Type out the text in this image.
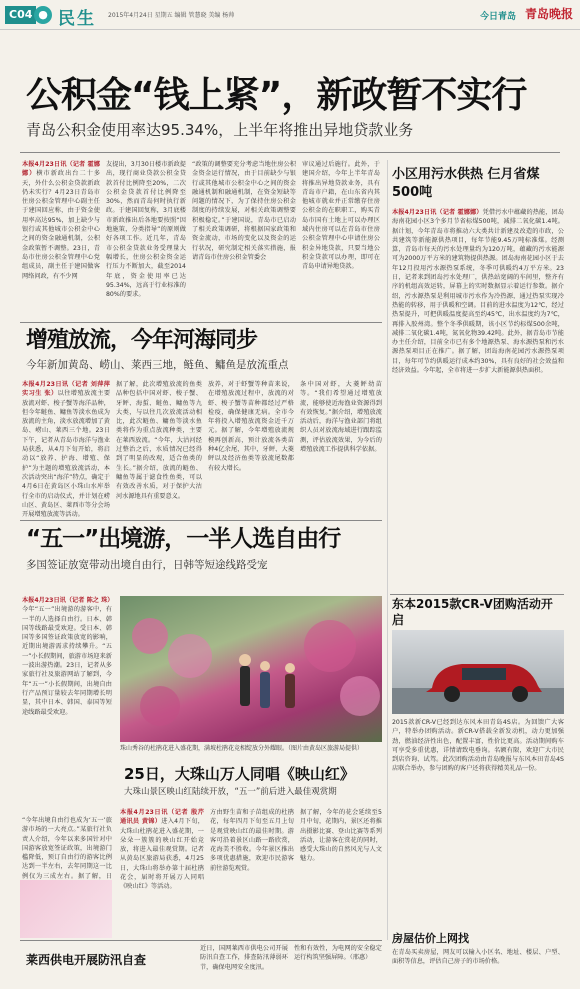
C04 ● 民生 2015年4月24日 星期五 编辑 管慧晓 美编 杨帅	今日青岛 青岛晚报
公积金“钱上紧”，新政暂不实行
青岛公积金使用率达95.34%，上半年将推出异地贷款业务
本报4月23日讯（记者 霍娜娜）横市新政出台二十多天，外什么公积金贷款新政仍未实行？4月23日青岛市住房公积金管理中心副主任于建国回应称，由于资金使用率高达95%，加上缺少与银行或其他城市公积金中心之间的资金融通机制，公积金政策暂不调整。23日，青岛市住房公积金管理中心党组成员，副主任于建国做客网络问政，有不少网
友提出，3月30日楼市新政提出，现行商业贷款公积金贷款首付比例降至20%，二次公积金贷款首付比例降至30%，然而青岛何时执行新政。于建国回复称，3月底楼市新政推出后各地要按照“因地施策，分类指导”的原则做好各项工作。近几年，青岛市公积金贷款业务受理量大幅增长，住房公积金资金运行压力不断加大，截至2014年底，资金使用率已达95.34%，远高于行业标准的80%的要求。
“政策的调整要充分考虑当地住房公积金资金运行情况，由于目前缺少与银行或其他城市公积金中心之间的资金融通机制和融通机制，在资金短缺等问题的情况下，为了保持住房公积金制度的持续发展，对相关政策调整要积极稳定。”于建国说，青岛市已启动了相关政策调研，将根据国家政策和资金流动，市场的变化以及资金的运行状况，研究制定相关落实措施，报请青岛市住房公积金管委会
审议通过后施行。此外，于建国介绍，今年上半年青岛将推出异地贷款业务，具有青岛市户籍，在山东省内其他城市就业并正常缴存住房公积金的在职职工，购买青岛市国有土地上可以办理区域内住房可以在青岛市住房公积金管理中心申请住房公积金异地贷款，只要当地公积金贷款可以办理，即可在青岛申请异地贷款。
小区用污水供热 仨月省煤500吨
本报4月23日讯（记者 霍娜娜）凭借污水中蕴藏的热能，团岛海南花园小区3个多月节省标煤500吨，减排二氧化碳1.4吨。据计划，今年青岛市将推动六大类共计新建及改造的市政，公共建筑等新能源供热项目，每年节能9.45万吨标准煤。经测算，青岛市每天的污水处理量约为120万吨，蕴藏的污水能源可为2000万平方米的建筑物提供热源。团岛海南花园小区于去年12月投用污水源热泵系统，冬季可供暖约4万平方米。23日，记者来到团岛污水处理厂，供热站宽阔的车间里，整齐有序的机组高效运转，屏幕上的实时数据显示着运行参数。据介绍，污水源热泵是利用城市污水作为冷热源，通过热泵实现冷热能的转移，用于供暖和空调。目前的进水温度为12℃，经过热泵提升，可把供暖温度提高至约45℃，出水温度约为7℃，再排入胶州湾。整个冬季供暖期，该小区节约标煤500余吨，减排二氧化碳1.4吨，氮氧化物39.42吨。此外，据青岛市节能办主任介绍，目前全市已有多个地源热泵、海水源热泵和污水源热泵项目正在推广。据了解，团岛海南花园污水源热泵项目，每年可节约供暖运行成本约30%，具有良好的社会效益和经济效益。今年起，全市将进一步扩大新能源供热面积。
增殖放流，今年河海同步
今年新加黄岛、崂山、莱西三地，鲢鱼、鳙鱼是放流重点
本报4月23日讯（记者 刘萍萍 实习生 张）以往增殖放流主要放流对虾、梭子蟹等海洋品种，但今年鲢鱼、鳙鱼等淡水鱼成为放流的主角，淡水放流增加了黄岛、崂山、莱西三个地。23日下午，记者从青岛市海洋与渔业局获悉，从4月下旬开始，将启动以“放养、护海、增殖、保护”为主题的增殖放流活动，本次活动突出“海洋”特点，确定于4月6日在黄岛区小珠山水库举行全市的启动仪式，并计划在崂山区、黄岛区、莱西市等分会场开展增殖放流等活动。
据了解，此次增殖放流的鱼类品种包括中国对虾、梭子蟹、牙鲆、海蜇、鲢鱼、鳙鱼等九大类，与以往几次放流活动相比，此次鲢鱼、鳙鱼等淡水鱼类将作为重点放流种类，主要在莱西放流。“今年，大沽河经过整治之后，水质情况已经得到了明显的改观，适合鱼类的生长。”据介绍，放流的鲢鱼、鳙鱼等属于滤食性鱼类，可以有效改善水质，对于保护大沽河水源地具有重要意义。
放养，对于虾蟹等种苗来说，在增殖放流过程中，放流的对虾、梭子蟹等苗种都经过严格检疫，确保健康无病。全市今年将投入增殖放流资金近千万元。据了解，今年增殖放流规模再创新高，预计放流各类苗种4亿余尾，其中，牙鲆、大菱鲆以及经济鱼类等放流尾数都有较大增长。
条中国对虾，大菱鲆幼苗等。“我们希望通过增殖放流，能够使近海渔业资源得到有效恢复。”据介绍，增殖放流活动后，海洋与渔业部门将组织人员对放流海域进行跟踪监测，评估放流效果，为今后的增殖放流工作提供科学依据。
“五一”出境游，一半人选自由行
多国签证放宽带动出境自由行，日韩等短途线路受宠
本报4月23日讯（记者 陈之 珠）今年“五一”出境游的游客中，有一半的人选择自由行。日本、韩国等线路最受欢迎。受日本、韩国等多国签证政策放宽的影响，近期出境游需求持续攀升。“五一”小长假期间，旅游市场迎来新一波出游热潮。23日，记者从多家旅行社及旅游网站了解到，今年“五一”小长假期间，出境自由行产品预订量较去年同期增长明显，其中日本、韩国、泰国等短途线路最受欢迎。
“今年出境自由行也成为‘五一’旅游市场的一大亮点。”某旅行社负责人介绍，今年以来多国针对中国游客放宽签证政策，出境游门槛降低，预订自由行的游客比例达到一半左右，去年同期这一比例仅为三成左右。据了解，日
珠山秀谷的杜鹃花进入盛花期，满坡杜鹃花竞相绽放分外耀眼。（图片由黄岛区旅游局提供）
25日，大珠山万人同唱《映山红》
大珠山景区映山红陆续开放，“五一”前后进入最佳观赏期
本报4月23日讯（记者 殷芹 通讯员 黄锦）进入4月下旬，大珠山杜鹃花进入盛花期，一朵朵一簇簇的映山红开始竞放，将进入最佳观赏期。记者从黄岛区旅游局获悉，4月25日，大珠山将举办第十届杜鹃花会，届时将开展万人同唱《映山红》等活动。
方由野生苗和子苗组成的杜鹃花，每年四月下旬至五月上旬是观赏映山红的最佳时期。游客可沿着景区山路一路欣赏，花海美不胜收。今年景区推出多项优惠措施，欢迎市民游客前往游览观赏。
据了解，今年的花会延续至5月中旬，花期内，景区还将推出摄影比赛、登山比赛等系列活动，让游客在赏花的同时，感受大珠山的自然风光与人文魅力。
东本2015款CR-V团购活动开启
2015款新CR-V已经到达东风本田青岛4S店。为回馈广大客户，特举办团购活动。新CR-V搭载全新发动机，动力更加强劲，燃油经济性出色，配置丰富，性价比更高。活动期间购车可享受多重优惠，详情请致电垂询。名额有限，欢迎广大市民到店咨询、试驾。此次团购活动由青岛晚报与东风本田青岛4S店联合举办，参与团购的客户还将获得精美礼品一份。
房屋估价上网找
在青岛买卖房屋，网友可以输入小区名、地址、楼层、户型、面积等信息，评估自己房子的市场价格。
莱西供电开展防汛自查
近日，国网莱西市供电公司开展防汛自查工作，排查防汛薄弱环节，确保电网安全度汛。
性和有效性，为电网的安全稳定运行构筑坚强屏障。（邢惠）
